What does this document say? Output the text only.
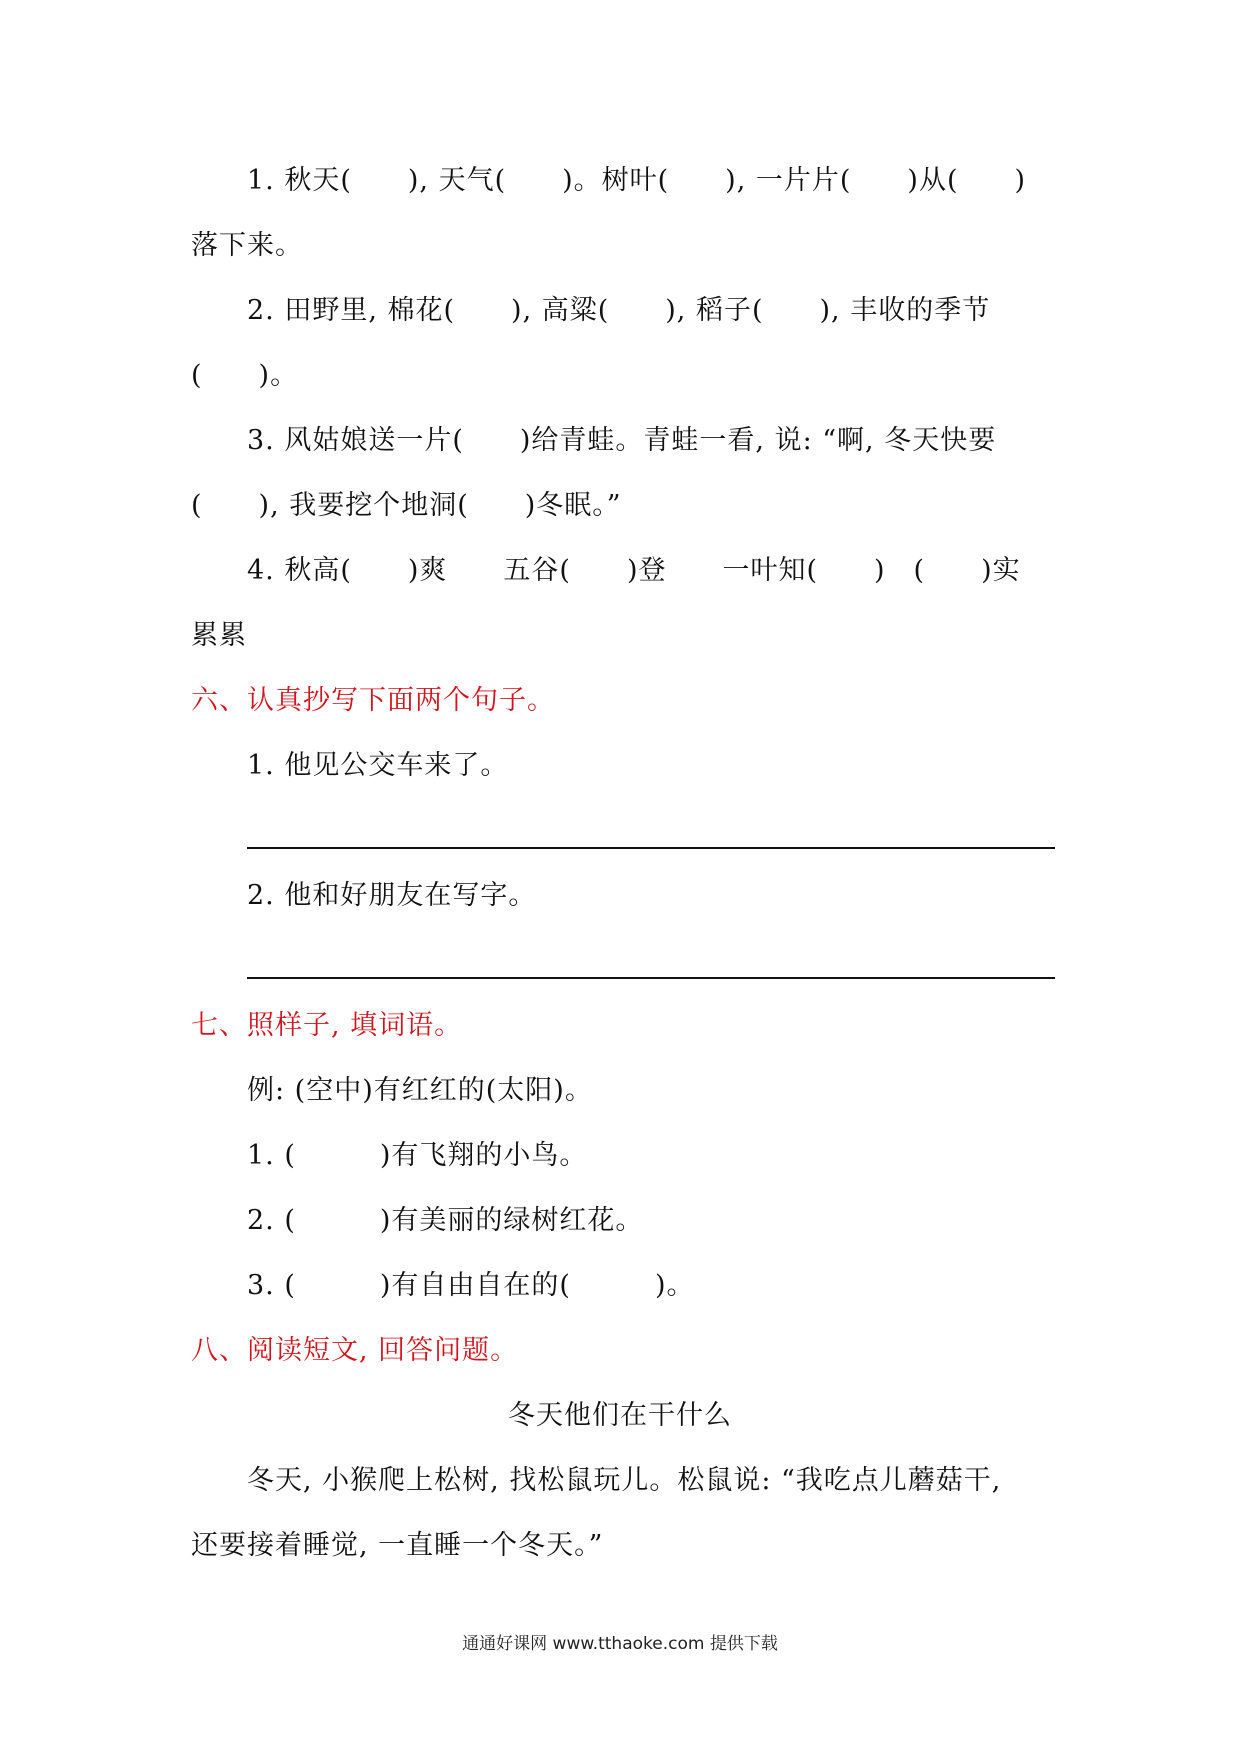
1. 秋天(　　), 天气(　　)。树叶(　　), 一片片(　　)从(　　)
落下来。
2. 田野里, 棉花(　　), 高粱(　　), 稻子(　　), 丰收的季节
(　　)。
3. 风姑娘送一片(　　)给青蛙。青蛙一看, 说: “啊, 冬天快要
(　　), 我要挖个地洞(　　)冬眠。”
4. 秋高(　　)爽　　五谷(　　)登　　一叶知(　　)　(　　)实
累累
六、认真抄写下面两个句子。
1. 他见公交车来了。
2. 他和好朋友在写字。
七、照样子, 填词语。
例: (空中)有红红的(太阳)。
1. (　　　)有飞翔的小鸟。
2. (　　　)有美丽的绿树红花。
3. (　　　)有自由自在的(　　　)。
八、阅读短文, 回答问题。
冬天他们在干什么
冬天, 小猴爬上松树, 找松鼠玩儿。松鼠说: “我吃点儿蘑菇干,
还要接着睡觉, 一直睡一个冬天。”
通通好课网 www.tthaoke.com 提供下载
